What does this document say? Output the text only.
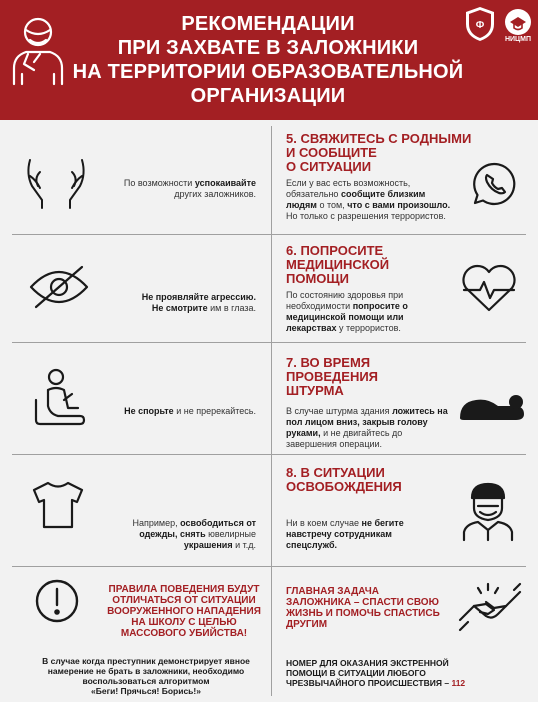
РЕКОМЕНДАЦИИ
ПРИ ЗАХВАТЕ В ЗАЛОЖНИКИ
НА ТЕРРИТОРИИ ОБРАЗОВАТЕЛЬНОЙ
ОРГАНИЗАЦИИ
Ф
НИЦМП
По возможности успокаивайте других заложников.
5. СВЯЖИТЕСЬ С РОДНЫМИ
И СООБЩИТЕ
О СИТУАЦИИ
Если у вас есть возможность, обязательно сообщите близким людям о том, что с вами произошло. Но только с разрешения террористов.
Не проявляйте агрессию.
Не смотрите им в глаза.
6. ПОПРОСИТЕ
МЕДИЦИНСКОЙ
ПОМОЩИ
По состоянию здоровья при необходимости попросите о медицинской помощи или лекарствах у террористов.
Не спорьте и не пререкайтесь.
7. ВО ВРЕМЯ
ПРОВЕДЕНИЯ
ШТУРМА
В случае штурма здания ложитесь на пол лицом вниз, закрыв голову руками, и не двигайтесь до завершения операции.
Например, освободиться от одежды, снять ювелирные украшения и т.д.
8. В СИТУАЦИИ
ОСВОБОЖДЕНИЯ
Ни в коем случае не бегите навстречу сотрудникам спецслужб.
ПРАВИЛА ПОВЕДЕНИЯ БУДУТ
ОТЛИЧАТЬСЯ ОТ СИТУАЦИИ
ВООРУЖЕННОГО НАПАДЕНИЯ
НА ШКОЛУ С ЦЕЛЬЮ
МАССОВОГО УБИЙСТВА!
ГЛАВНАЯ ЗАДАЧА
ЗАЛОЖНИКА – СПАСТИ СВОЮ
ЖИЗНЬ И ПОМОЧЬ СПАСТИСЬ
ДРУГИМ
В случае когда преступник демонстрирует явное
намерение не брать в заложники, необходимо
воспользоваться алгоритмом
«Беги! Прячься! Борись!»
НОМЕР ДЛЯ ОКАЗАНИЯ ЭКСТРЕННОЙ
ПОМОЩИ В СИТУАЦИИ ЛЮБОГО
ЧРЕЗВЫЧАЙНОГО ПРОИСШЕСТВИЯ – 112
